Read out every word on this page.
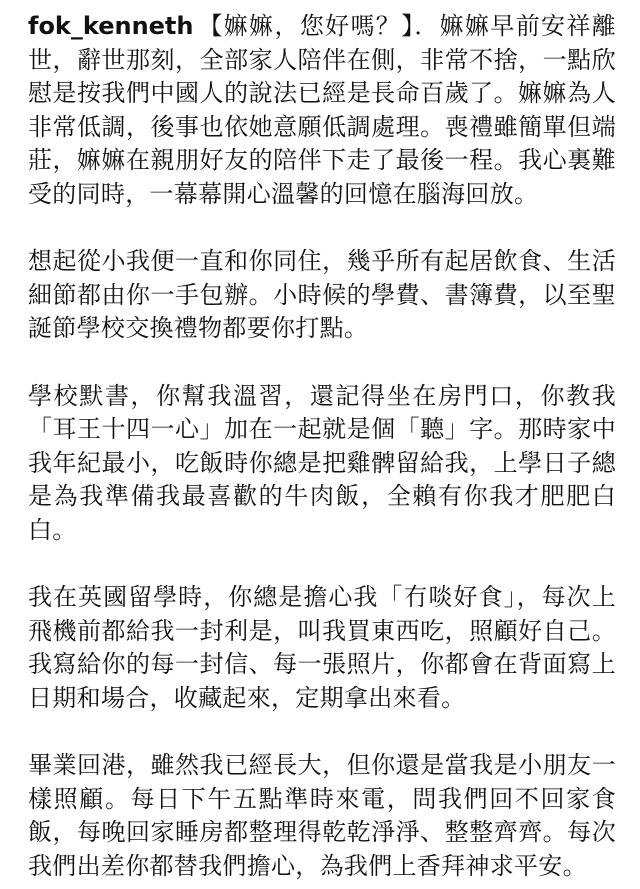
fok_kenneth 【嫲嫲，您好嗎？】．嫲嫲早前安祥離世，辭世那刻，全部家人陪伴在側，非常不捨，一點欣慰是按我們中國人的說法已經是長命百歲了。嫲嫲為人非常低調，後事也依她意願低調處理。喪禮雖簡單但端莊，嫲嫲在親朋好友的陪伴下走了最後一程。我心裏難受的同時，一幕幕開心溫馨的回憶在腦海回放。

想起從小我便一直和你同住，幾乎所有起居飲食、生活細節都由你一手包辦。小時候的學費、書簿費，以至聖誕節學校交換禮物都要你打點。

學校默書，你幫我溫習，還記得坐在房門口，你教我「耳王十四一心」加在一起就是個「聽」字。那時家中我年紀最小，吃飯時你總是把雞髀留給我，上學日子總是為我準備我最喜歡的牛肉飯，全賴有你我才肥肥白白。

我在英國留學時，你總是擔心我「冇啖好食」，每次上飛機前都給我一封利是，叫我買東西吃，照顧好自己。我寫給你的每一封信、每一張照片，你都會在背面寫上日期和場合，收藏起來，定期拿出來看。

畢業回港，雖然我已經長大，但你還是當我是小朋友一樣照顧。每日下午五點準時來電，問我們回不回家食飯，每晚回家睡房都整理得乾乾淨淨、整整齊齊。每次我們出差你都替我們擔心，為我們上香拜神求平安。
